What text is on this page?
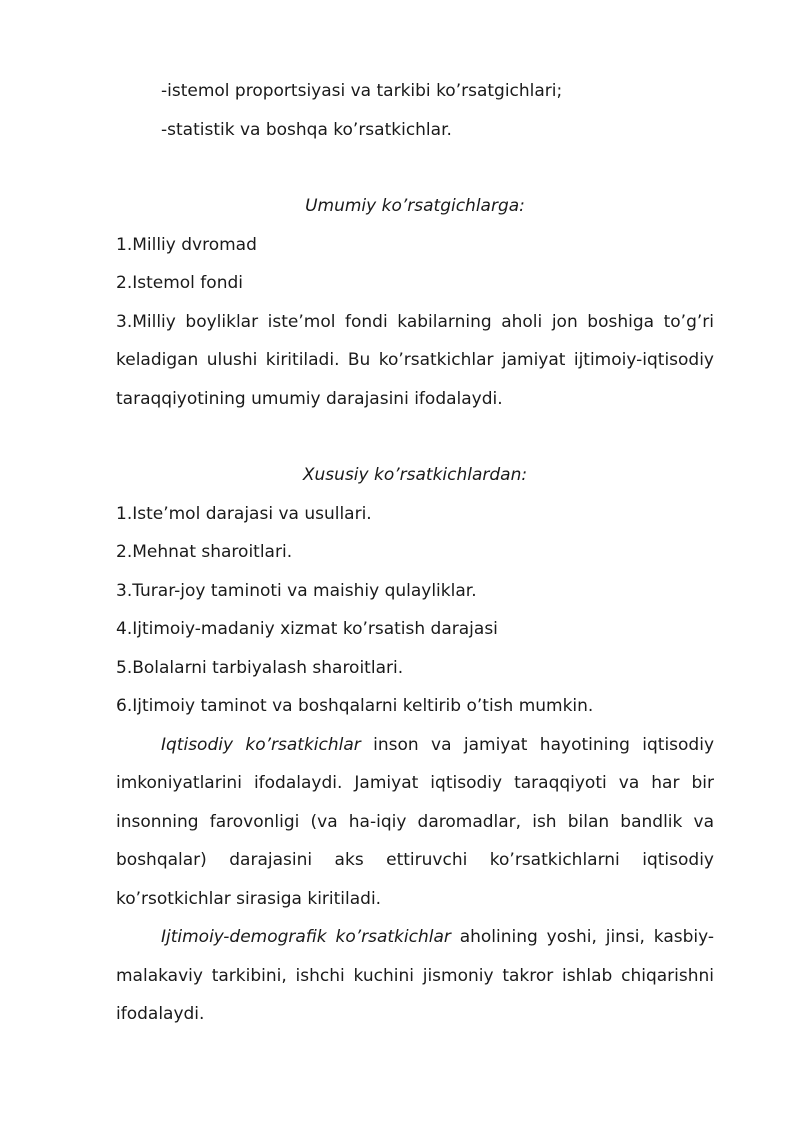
-istemol proportsiyasi va tarkibi ko’rsatgichlari;
-statistik va boshqa ko’rsatkichlar.
Umumiy ko’rsatgichlarga:
1.Milliy dvromad
2.Istemol fondi

3.Milliy boyliklar iste’mol fondi kabilarning aholi jon boshiga to’g’ri keladigan ulushi kiritiladi. Bu ko’rsatkichlar jamiyat ijtimoiy-iqtisodiy taraqqiyotining umumiy darajasini ifodalaydi.

Xususiy ko’rsatkichlardan:
1.Iste’mol darajasi va usullari.
2.Mehnat sharoitlari.
3.Turar-joy taminoti va maishiy qulayliklar.
4.Ijtimoiy-madaniy xizmat ko’rsatish darajasi
5.Bolalarni tarbiyalash sharoitlari.
6.Ijtimoiy taminot va boshqalarni keltirib o’tish mumkin.

Iqtisodiy ko’rsatkichlar inson va jamiyat hayotining iqtisodiy imkoniyatlarini ifodalaydi. Jamiyat iqtisodiy taraqqiyoti va har bir insonning farovonligi (va ha-iqiy daromadlar, ish bilan bandlik va boshqalar) darajasini aks ettiruvchi ko’rsatkichlarni iqtisodiy ko’rsotkichlar sirasiga kiritiladi.

Ijtimoiy-demografik ko’rsatkichlar aholining yoshi, jinsi, kasbiy-malakaviy tarkibini, ishchi kuchini jismoniy takror ishlab chiqarishni ifodalaydi.
